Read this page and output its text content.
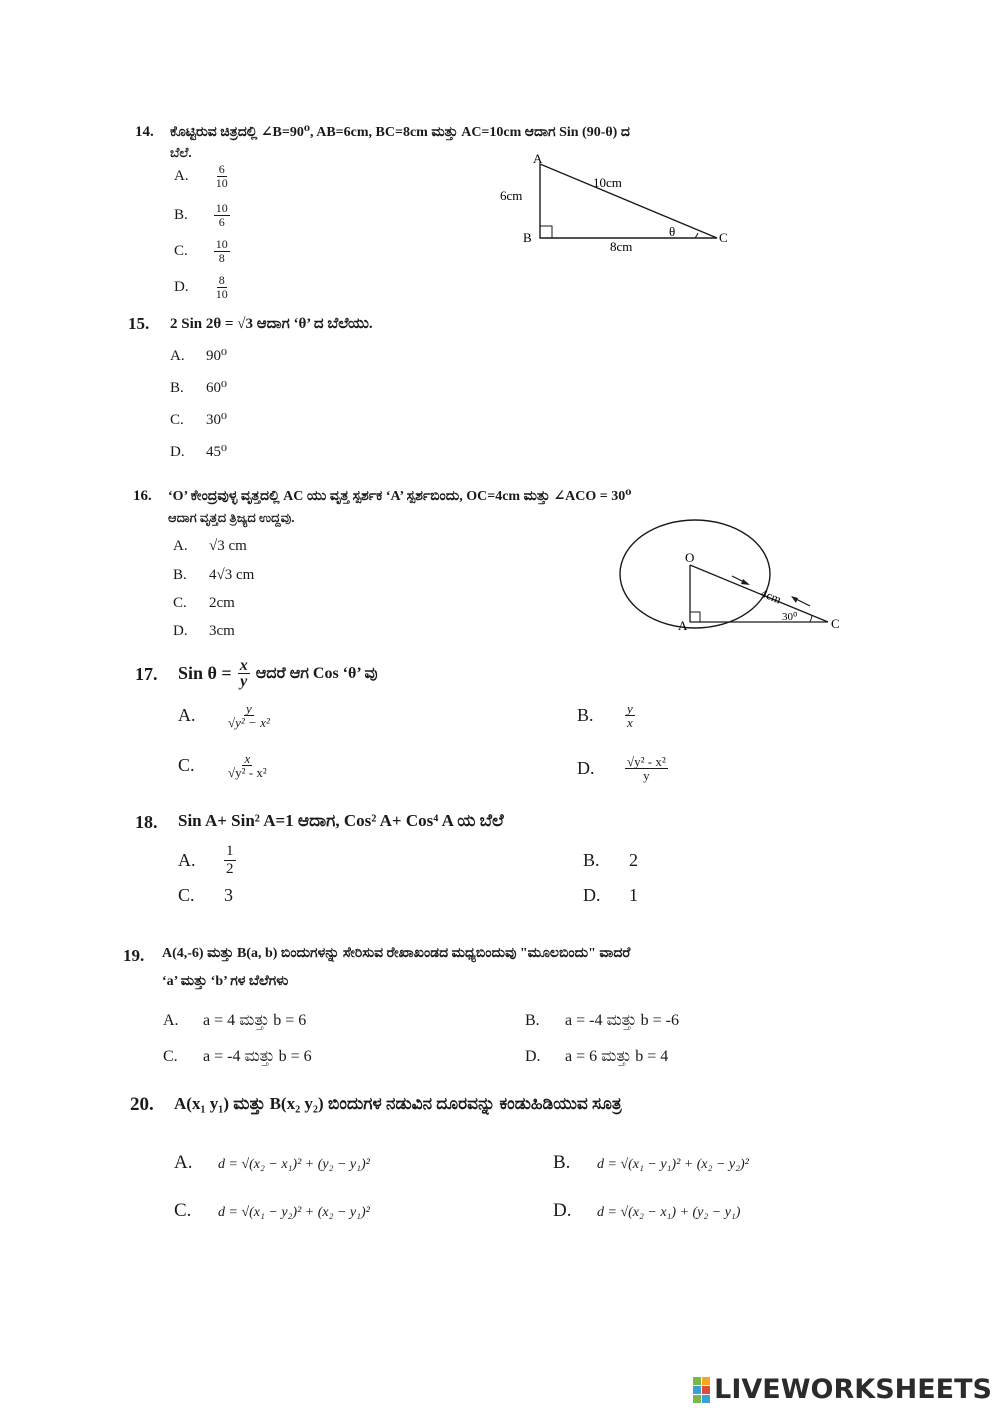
14. ಕೊಟ್ಟಿರುವ ಚಿತ್ರದಲ್ಲಿ ∠B=90⁰, AB=6cm, BC=8cm ಮತ್ತು AC=10cm ಆದಾಗ Sin (90-θ) ದ
ಬೆಲೆ.
A. $\frac{6}{10}$
B. $\frac{10}{6}$
C. $\frac{10}{8}$
D. $\frac{8}{10}$
A
B	C
6cm
10cm
8cm
θ
15. 2 Sin 2θ = √3 ಆದಾಗ ‘θ’ ದ ಬೆಲೆಯು.
A. 90⁰
B. 60⁰
C. 30⁰
D. 45⁰
16. ‘O’ ಕೇಂದ್ರವುಳ್ಳ ವೃತ್ತದಲ್ಲಿ AC ಯು ವೃತ್ತ ಸ್ಪರ್ಶಕ ‘A’ ಸ್ಪರ್ಶಬಿಂದು, OC=4cm ಮತ್ತು ∠ACO = 30⁰
ಆದಾಗ ವೃತ್ತದ ತ್ರಿಜ್ಯದ ಉದ್ದವು.
A. √3 cm
B. 4√3 cm
C. 2cm
D. 3cm
O
A	C
4cm
30⁰
17. Sin $\theta = \frac{x}{y}$ ಆದರೆ ಆಗ Cos ‘θ’ ವು
A.	$\frac{y}{\text{√y² − x²}}$	B.	$\frac{y}{x}$
C.	$\frac{x}{\text{√y² - x²}}$	D.	$\frac{\text{√y² - x²}}{y}$
18. Sin A+ Sin² A=1 ಆದಾಗ, Cos² A+ Cos⁴ A ಯ ಬೆಲೆ
A.	$\frac{1}{2}$	B. 2
C. 3	D. 1
19. A(4,-6) ಮತ್ತು B(a, b) ಬಿಂದುಗಳನ್ನು ಸೇರಿಸುವ ರೇಖಾಖಂಡದ ಮಧ್ಯಬಿಂದುವು "ಮೂಲಬಿಂದು" ವಾದರೆ
‘a’ ಮತ್ತು ‘b’ ಗಳ ಬೆಲೆಗಳು
A. a = 4 ಮತ್ತು b = 6	B. a = -4 ಮತ್ತು b = -6
C. a = -4 ಮತ್ತು b = 6	D. a = 6 ಮತ್ತು b = 4
20. A(x₁ y₁) ಮತ್ತು B(x₂ y₂) ಬಿಂದುಗಳ ನಡುವಿನ ದೂರವನ್ನು ಕಂಡುಹಿಡಿಯುವ ಸೂತ್ರ
A. d = √(x₂ − x₁)² + (y₂ − y₁)²	B. d = √(x₁ − y₁)² + (x₂ − y₂)²
C. d = √(x₁ − y₂)² + (x₂ − y₁)²	D. d = √(x₂ − x₁) + (y₂ − y₁)
LIVEWORKSHEETS
